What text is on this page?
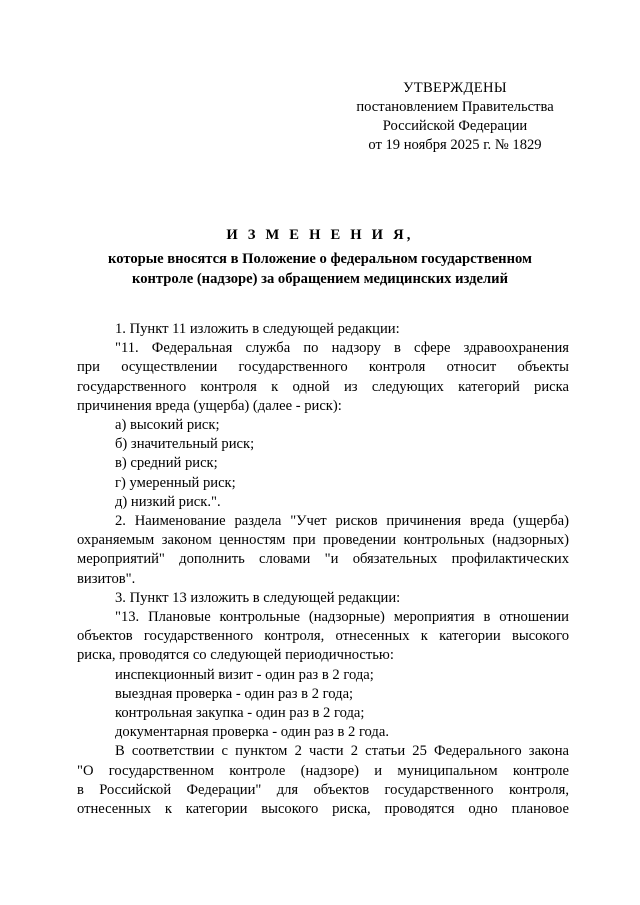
УТВЕРЖДЕНЫ
постановлением Правительства
Российской Федерации
от 19 ноября 2025 г. № 1829
И З М Е Н Е Н И Я,
которые вносятся в Положение о федеральном государственном
контроле (надзоре) за обращением медицинских изделий

1. Пункт 11 изложить в следующей редакции:

"11. Федеральная служба по надзору в сфере здравоохранения

при осуществлении государственного контроля относит объекты

государственного контроля к одной из следующих категорий риска

причинения вреда (ущерба) (далее - риск):

а) высокий риск;

б) значительный риск;

в) средний риск;

г) умеренный риск;

д) низкий риск.".

2. Наименование раздела "Учет рисков причинения вреда (ущерба)

охраняемым законом ценностям при проведении контрольных (надзорных)

мероприятий" дополнить словами "и обязательных профилактических

визитов".

3. Пункт 13 изложить в следующей редакции:

"13. Плановые контрольные (надзорные) мероприятия в отношении

объектов государственного контроля, отнесенных к категории высокого

риска, проводятся со следующей периодичностью:

инспекционный визит - один раз в 2 года;

выездная проверка - один раз в 2 года;

контрольная закупка - один раз в 2 года;

документарная проверка - один раз в 2 года.

В соответствии с пунктом 2 части 2 статьи 25 Федерального закона

"О государственном контроле (надзоре) и муниципальном контроле

в Российской Федерации" для объектов государственного контроля,

отнесенных к категории высокого риска, проводятся одно плановое
